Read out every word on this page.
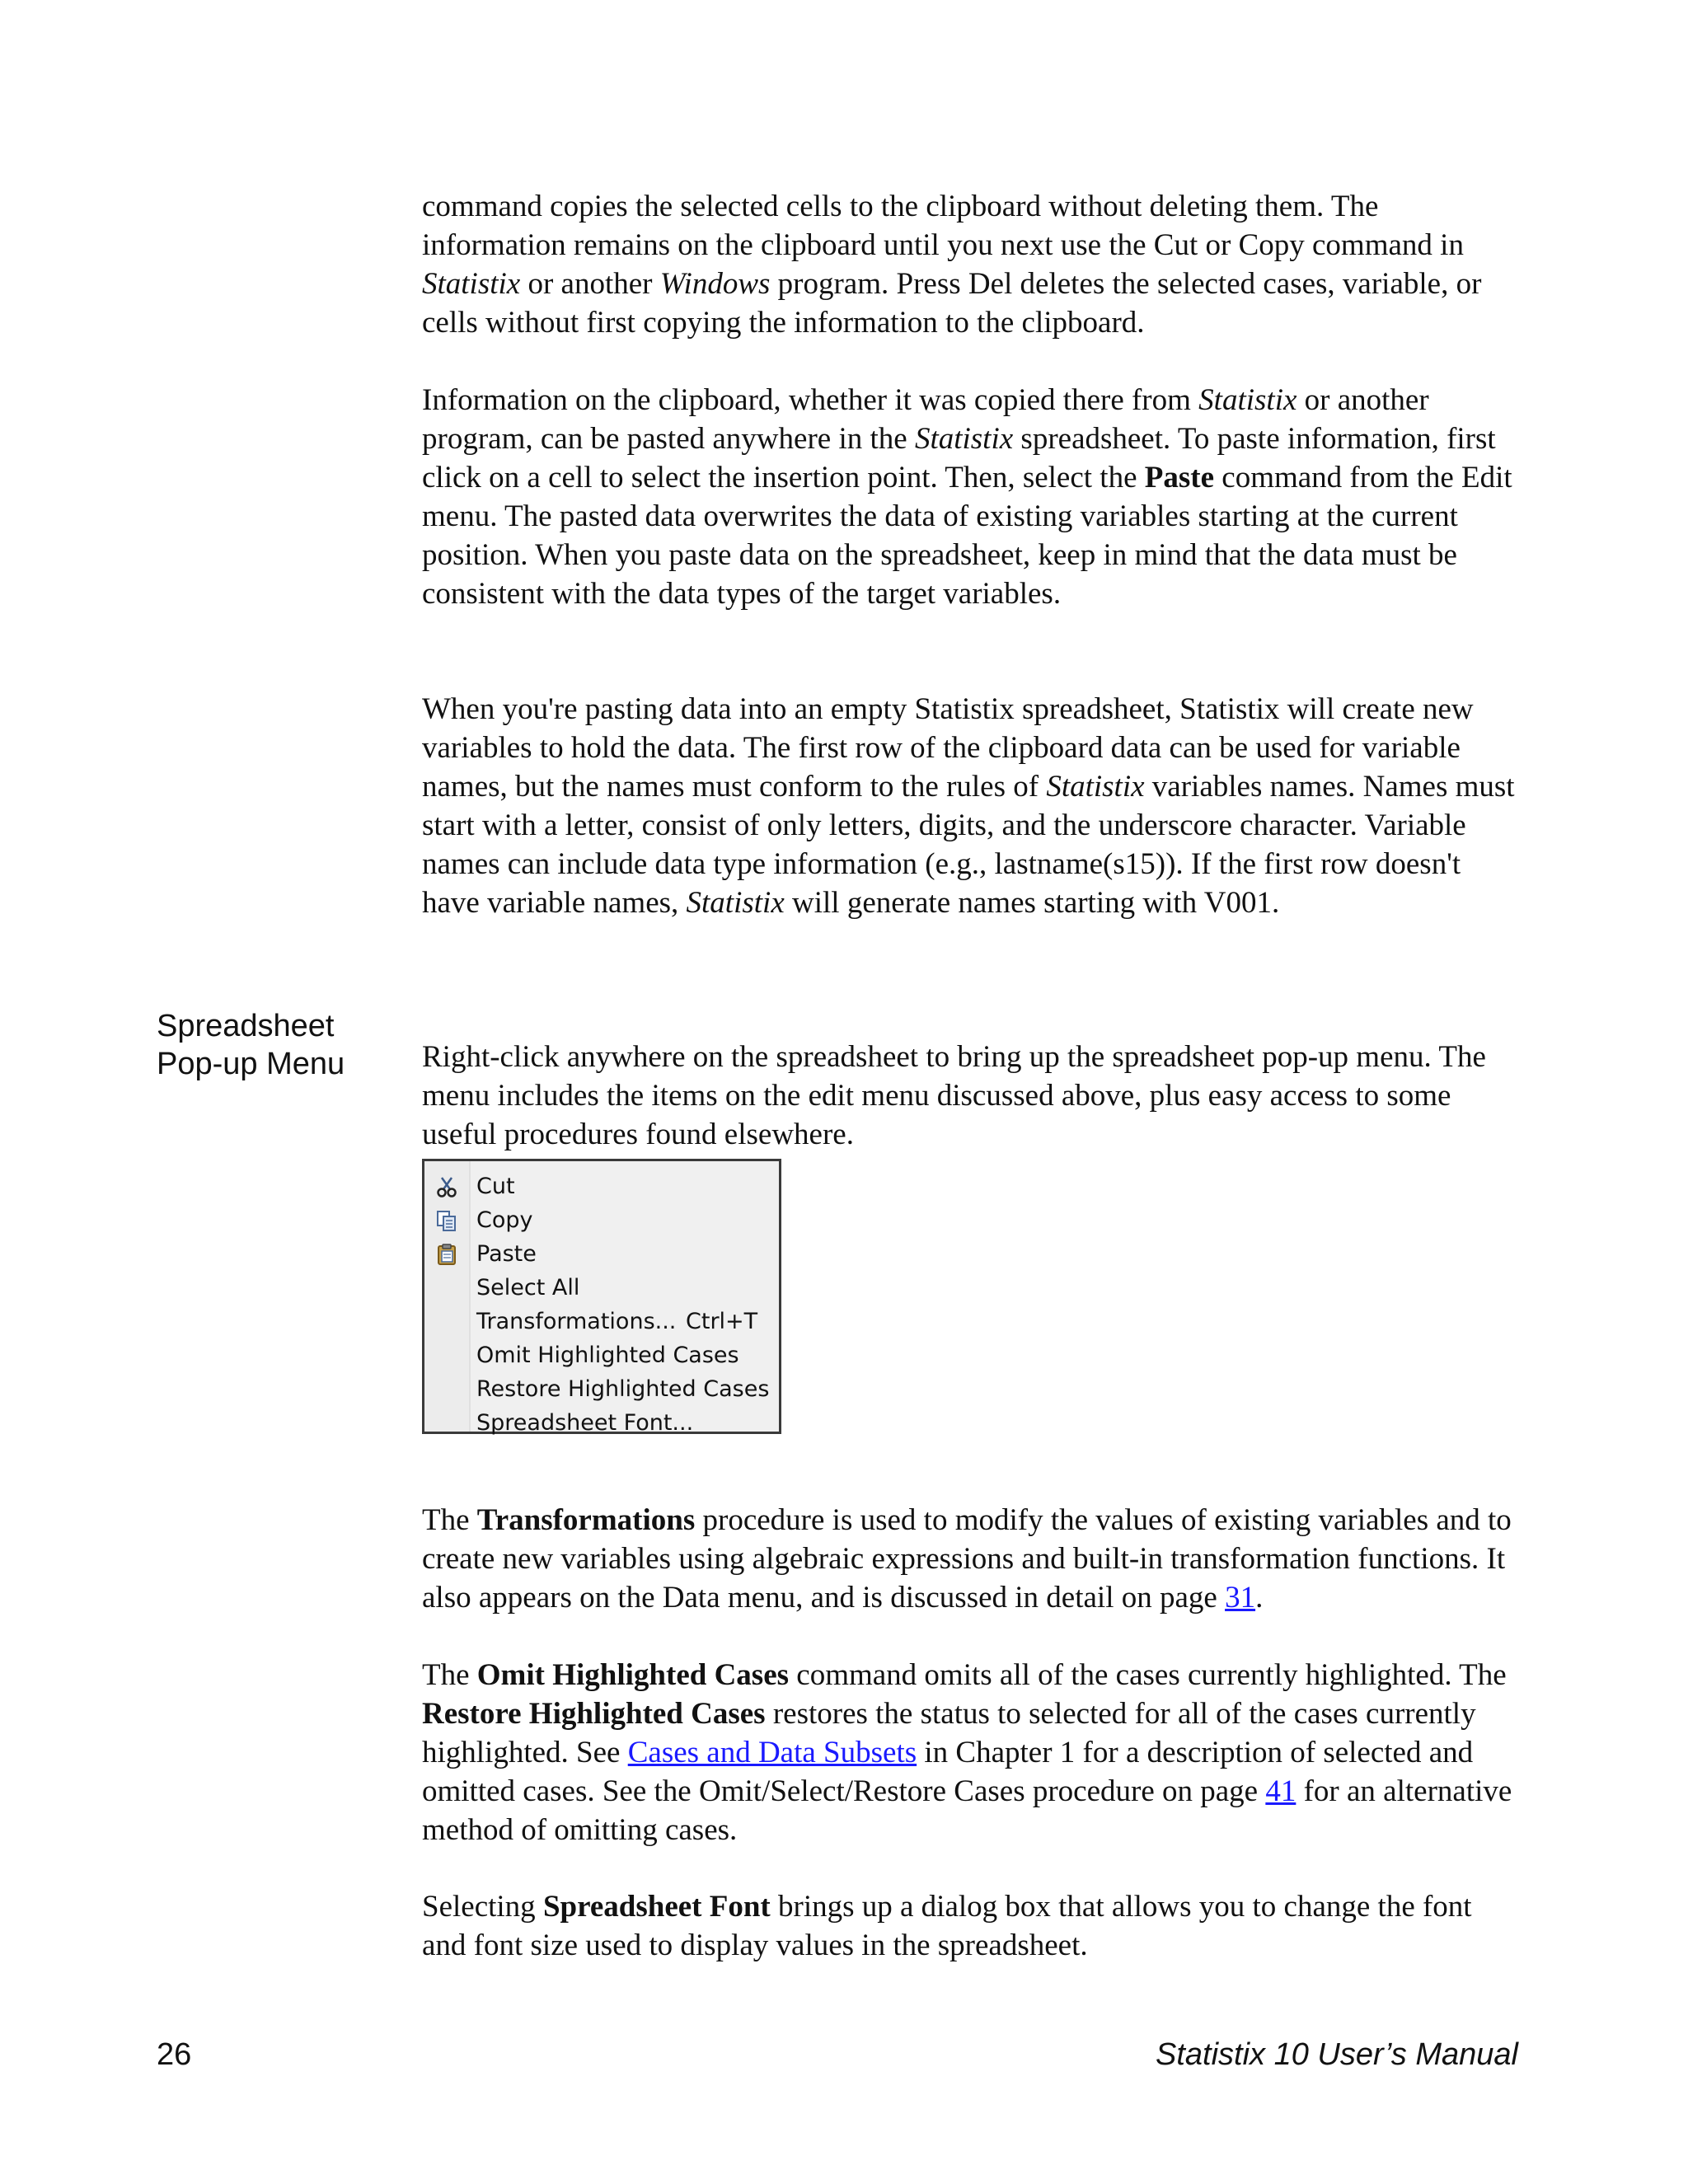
command copies the selected cells to the clipboard without deleting them. The information remains on the clipboard until you next use the Cut or Copy command in Statistix or another Windows program. Press Del deletes the selected cases, variable, or cells without first copying the information to the clipboard.

Information on the clipboard, whether it was copied there from Statistix or another program, can be pasted anywhere in the Statistix spreadsheet. To paste information, first click on a cell to select the insertion point. Then, select the Paste command from the Edit menu. The pasted data overwrites the data of existing variables starting at the current position. When you paste data on the spreadsheet, keep in mind that the data must be consistent with the data types of the target variables.

When you're pasting data into an empty Statistix spreadsheet, Statistix will create new variables to hold the data. The first row of the clipboard data can be used for variable names, but the names must conform to the rules of Statistix variables names. Names must start with a letter, consist of only letters, digits, and the underscore character. Variable names can include data type information (e.g., lastname(s15)). If the first row doesn't have variable names, Statistix will generate names starting with V001.

Spreadsheet
Pop-up Menu	Right-click anywhere on the spreadsheet to bring up the spreadsheet pop-up menu. The menu includes the items on the edit menu discussed above, plus easy access to some useful procedures found elsewhere.

Cut
Copy
Paste
Select All
Transformations... Ctrl+T
Omit Highlighted Cases
Restore Highlighted Cases
Spreadsheet Font...

The Transformations procedure is used to modify the values of existing variables and to create new variables using algebraic expressions and built-in transformation functions. It also appears on the Data menu, and is discussed in detail on page 31.

The Omit Highlighted Cases command omits all of the cases currently highlighted. The Restore Highlighted Cases restores the status to selected for all of the cases currently highlighted. See Cases and Data Subsets in Chapter 1 for a description of selected and omitted cases. See the Omit/Select/Restore Cases procedure on page 41 for an alternative method of omitting cases.

Selecting Spreadsheet Font brings up a dialog box that allows you to change the font and font size used to display values in the spreadsheet.

26	Statistix 10 User’s Manual
